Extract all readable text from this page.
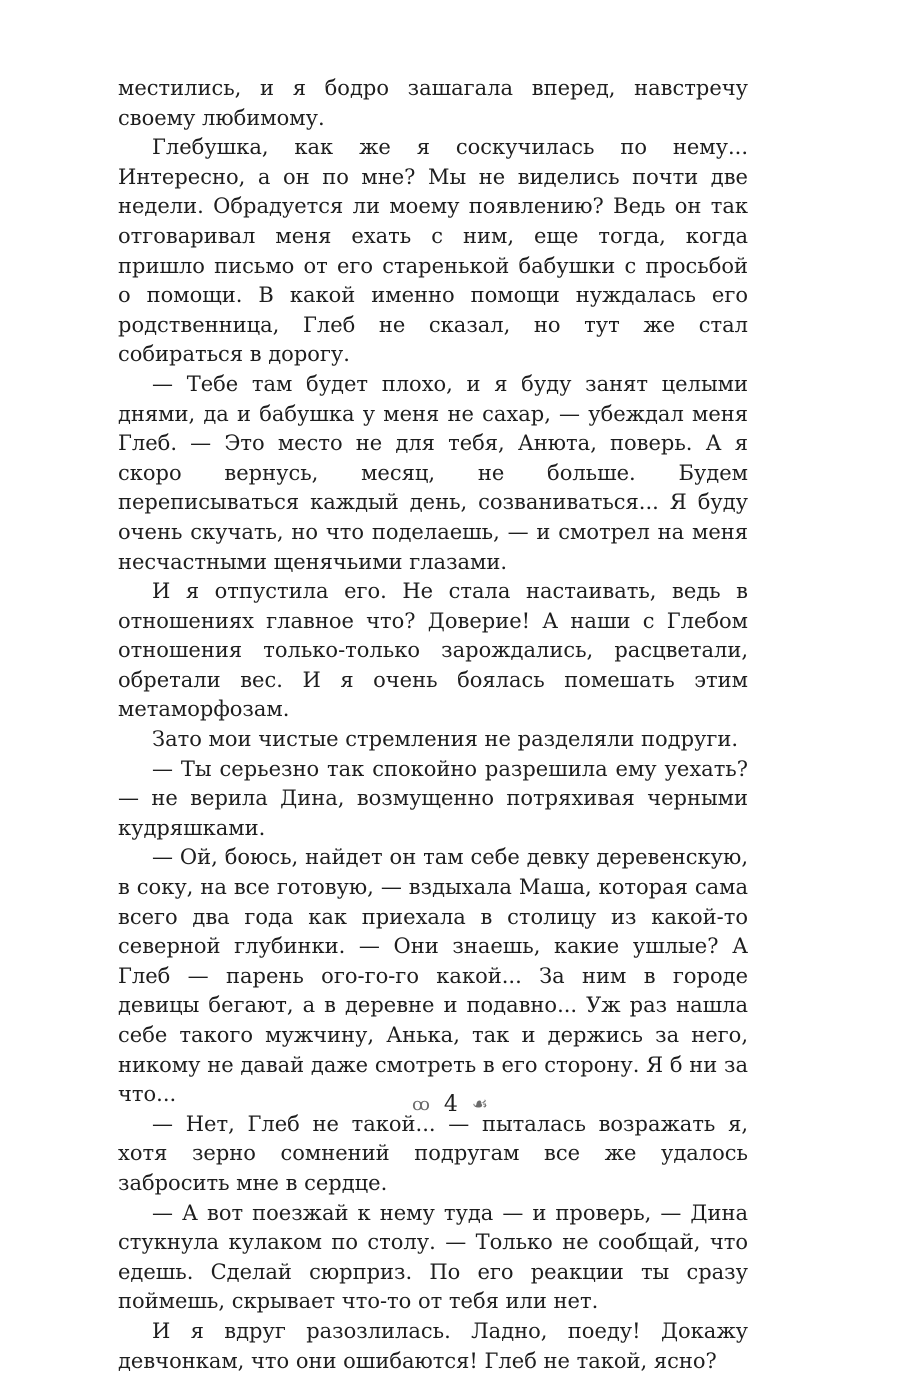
местились, и я бодро зашагала вперед, навстречу своему любимому.

Глебушка, как же я соскучилась по нему... Интересно, а он по мне? Мы не виделись почти две недели. Обрадуется ли моему появлению? Ведь он так отговаривал меня ехать с ним, еще тогда, когда пришло письмо от его старенькой бабушки с просьбой о помощи. В какой именно помощи нуждалась его родственница, Глеб не сказал, но тут же стал собираться в дорогу.

— Тебе там будет плохо, и я буду занят целыми днями, да и бабушка у меня не сахар, — убеждал меня Глеб. — Это место не для тебя, Анюта, поверь. А я скоро вернусь, месяц, не больше. Будем переписываться каждый день, созваниваться... Я буду очень скучать, но что поделаешь, — и смотрел на меня несчастными щенячьими глазами.

И я отпустила его. Не стала настаивать, ведь в отношениях главное что? Доверие! А наши с Глебом отношения только-только зарождались, расцветали, обретали вес. И я очень боялась помешать этим метаморфозам.

Зато мои чистые стремления не разделяли подруги.

— Ты серьезно так спокойно разрешила ему уехать? — не верила Дина, возмущенно потряхивая черными кудряшками.

— Ой, боюсь, найдет он там себе девку деревенскую, в соку, на все готовую, — вздыхала Маша, которая сама всего два года как приехала в столицу из какой-то северной глубинки. — Они знаешь, какие ушлые? А Глеб — парень ого-го-го какой... За ним в городе девицы бегают, а в деревне и подавно... Уж раз нашла себе такого мужчину, Анька, так и держись за него, никому не давай даже смотреть в его сторону. Я б ни за что...

— Нет, Глеб не такой... — пыталась возражать я, хотя зерно сомнений подругам все же удалось забросить мне в сердце.

— А вот поезжай к нему туда — и проверь, — Дина стукнула кулаком по столу. — Только не сообщай, что едешь. Сделай сюрприз. По его реакции ты сразу поймешь, скрывает что-то от тебя или нет.

И я вдруг разозлилась. Ладно, поеду! Докажу девчонкам, что они ошибаются! Глеб не такой, ясно?

ꝏ 4 ☙
